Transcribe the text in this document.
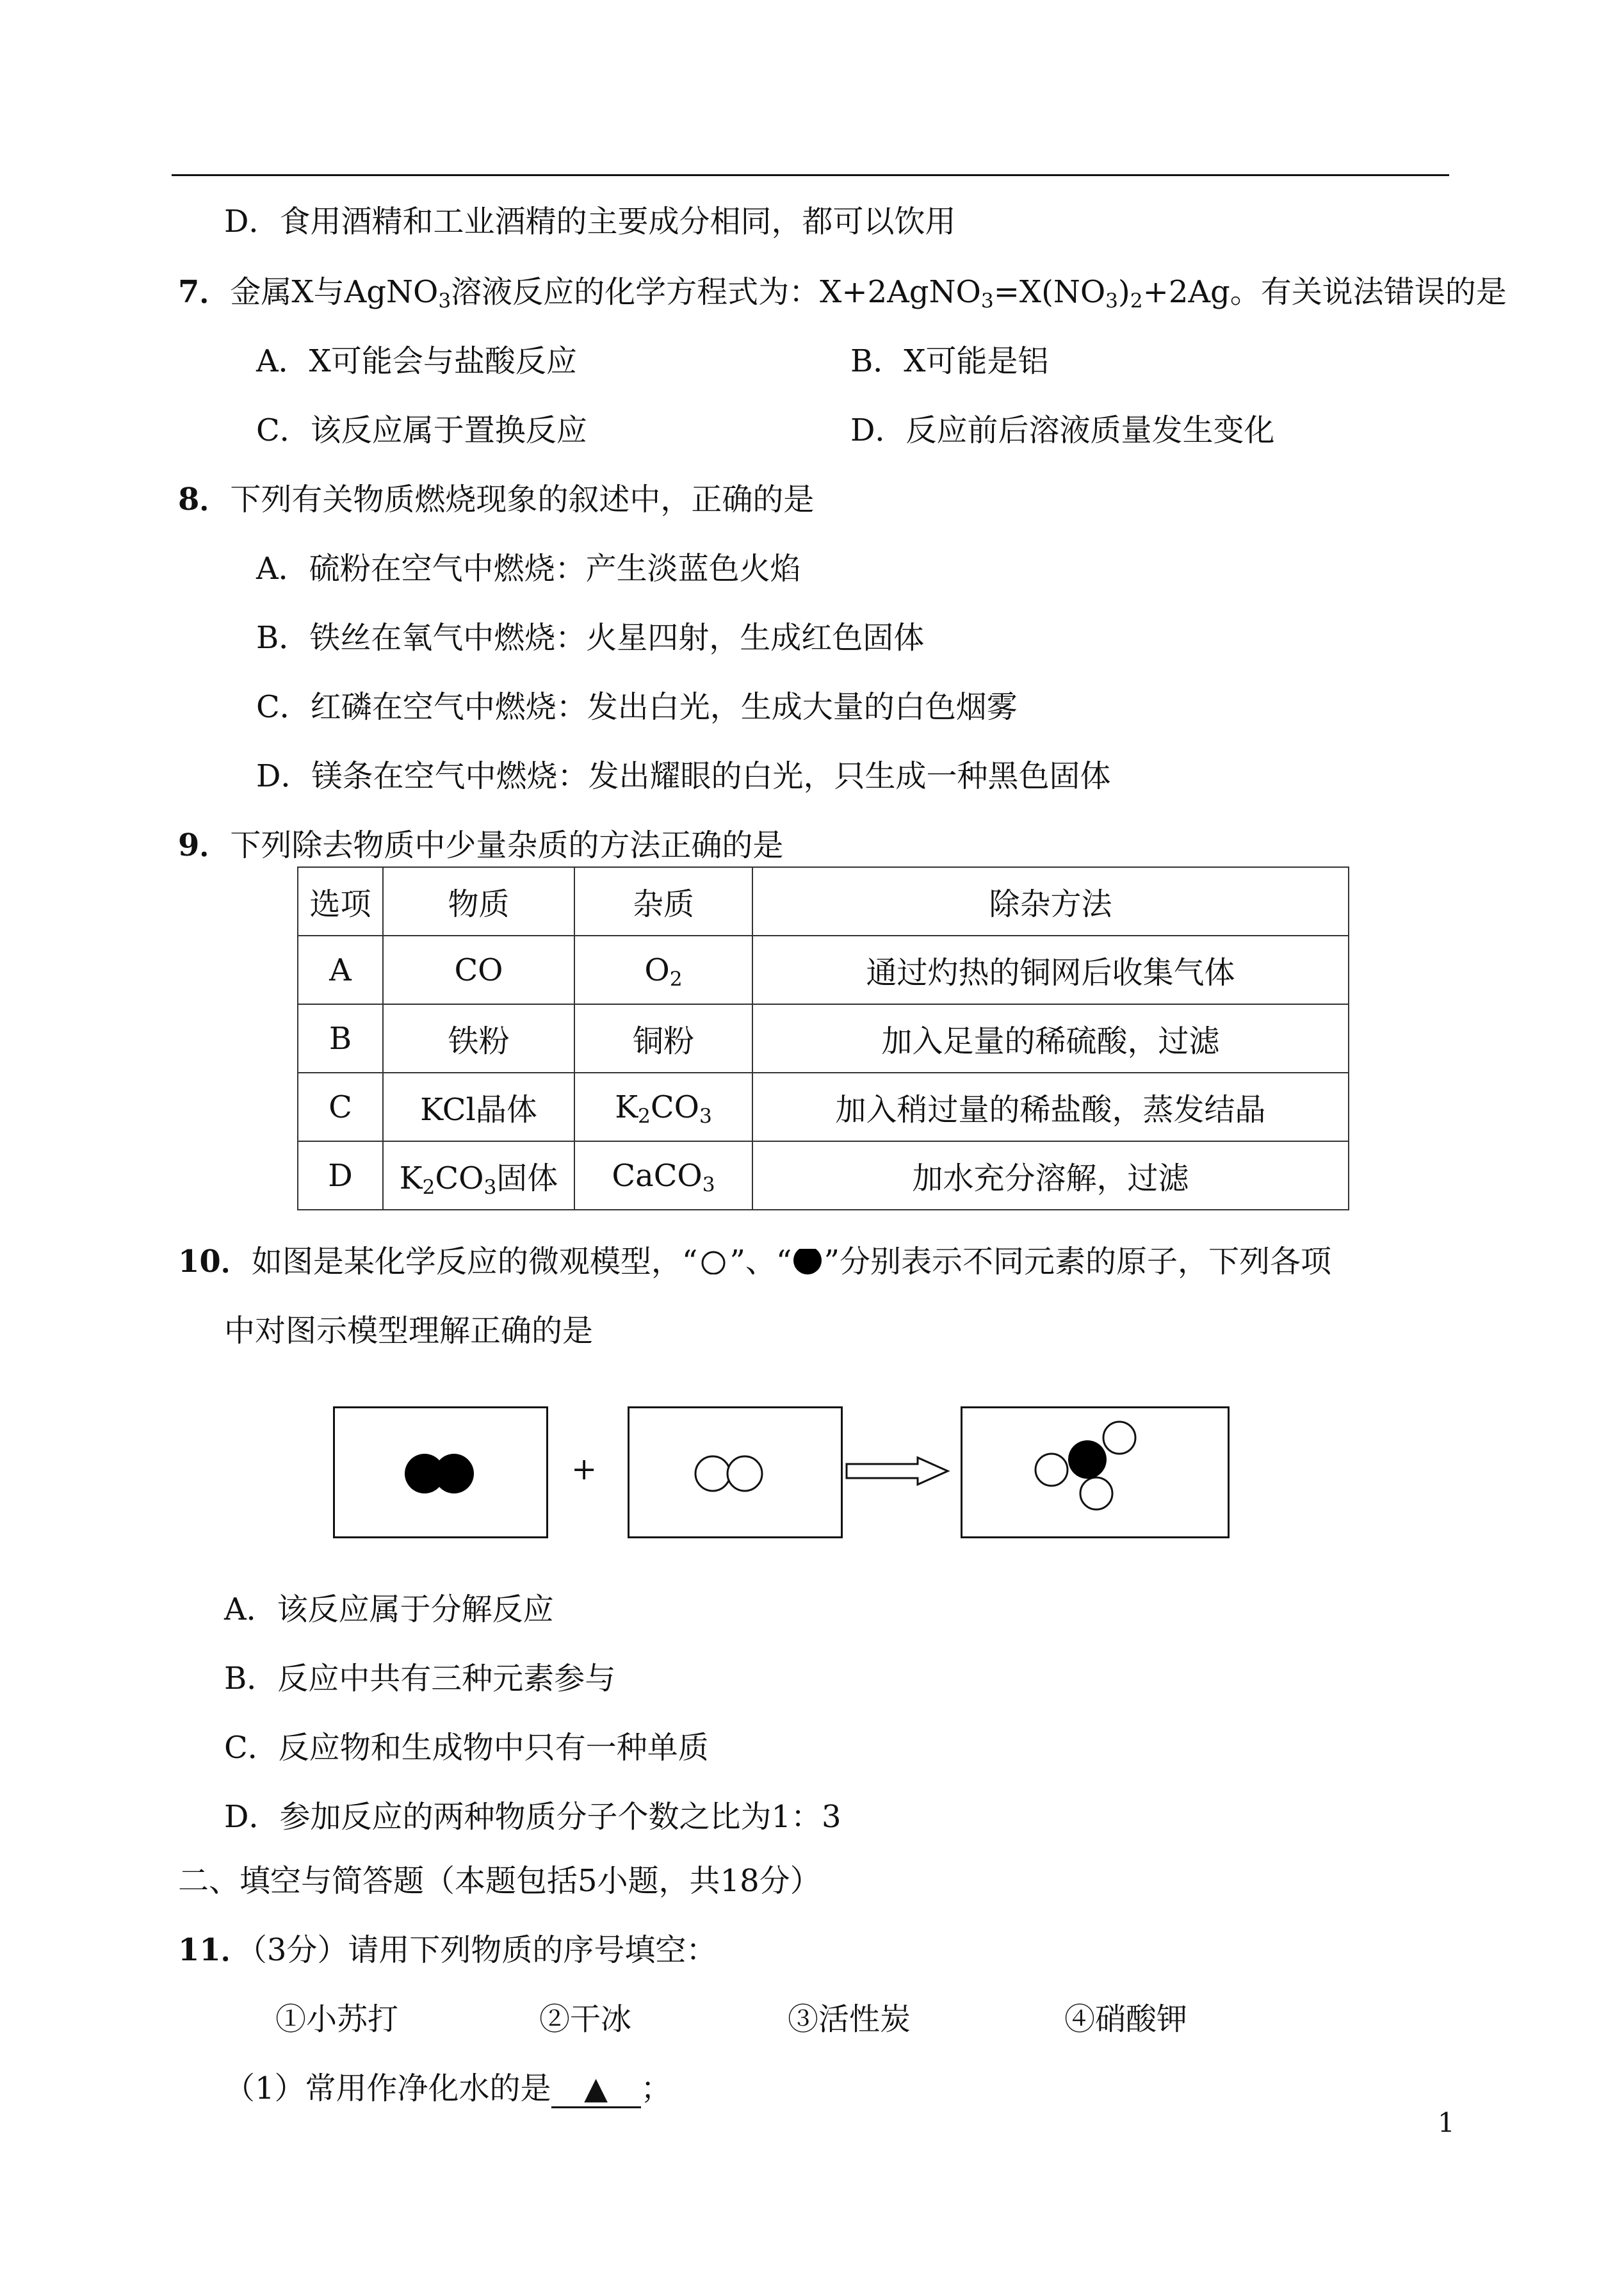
D．食用酒精和工业酒精的主要成分相同，都可以饮用
7．金属X与AgNO$_3$溶液反应的化学方程式为：$X+2AgNO_3=X(NO_3)_2+2Ag$。有关说法错误的是
A．X可能会与盐酸反应	B．X可能是铝
C．该反应属于置换反应	D．反应前后溶液质量发生变化
8．下列有关物质燃烧现象的叙述中，正确的是
A．硫粉在空气中燃烧：产生淡蓝色火焰
B．铁丝在氧气中燃烧：火星四射，生成红色固体
C．红磷在空气中燃烧：发出白光，生成大量的白色烟雾
D．镁条在空气中燃烧：发出耀眼的白光，只生成一种黑色固体
9．下列除去物质中少量杂质的方法正确的是
选项	物质	杂质	除杂方法
A	CO	$O_2$	通过灼热的铜网后收集气体
B	铁粉	铜粉	加入足量的稀硫酸，过滤
C	KCl晶体	$K_2CO_3$	加入稍过量的稀盐酸，蒸发结晶
D	$K_2CO_3$固体	CaCO$_3$	加水充分溶解，过滤
10．如图是某化学反应的微观模型，“ ”、“ ”分别表示不同元素的原子，下列各项
中对图示模型理解正确的是
+
A．该反应属于分解反应
B．反应中共有三种元素参与
C．反应物和生成物中只有一种单质
D．参加反应的两种物质分子个数之比为1：3
二、填空与简答题（本题包括5小题，共18分）
11．（3分）请用下列物质的序号填空：
①小苏打	②干冰	③活性炭	④硝酸钾
（1）常用作净化水的是 ▲ ；
1
